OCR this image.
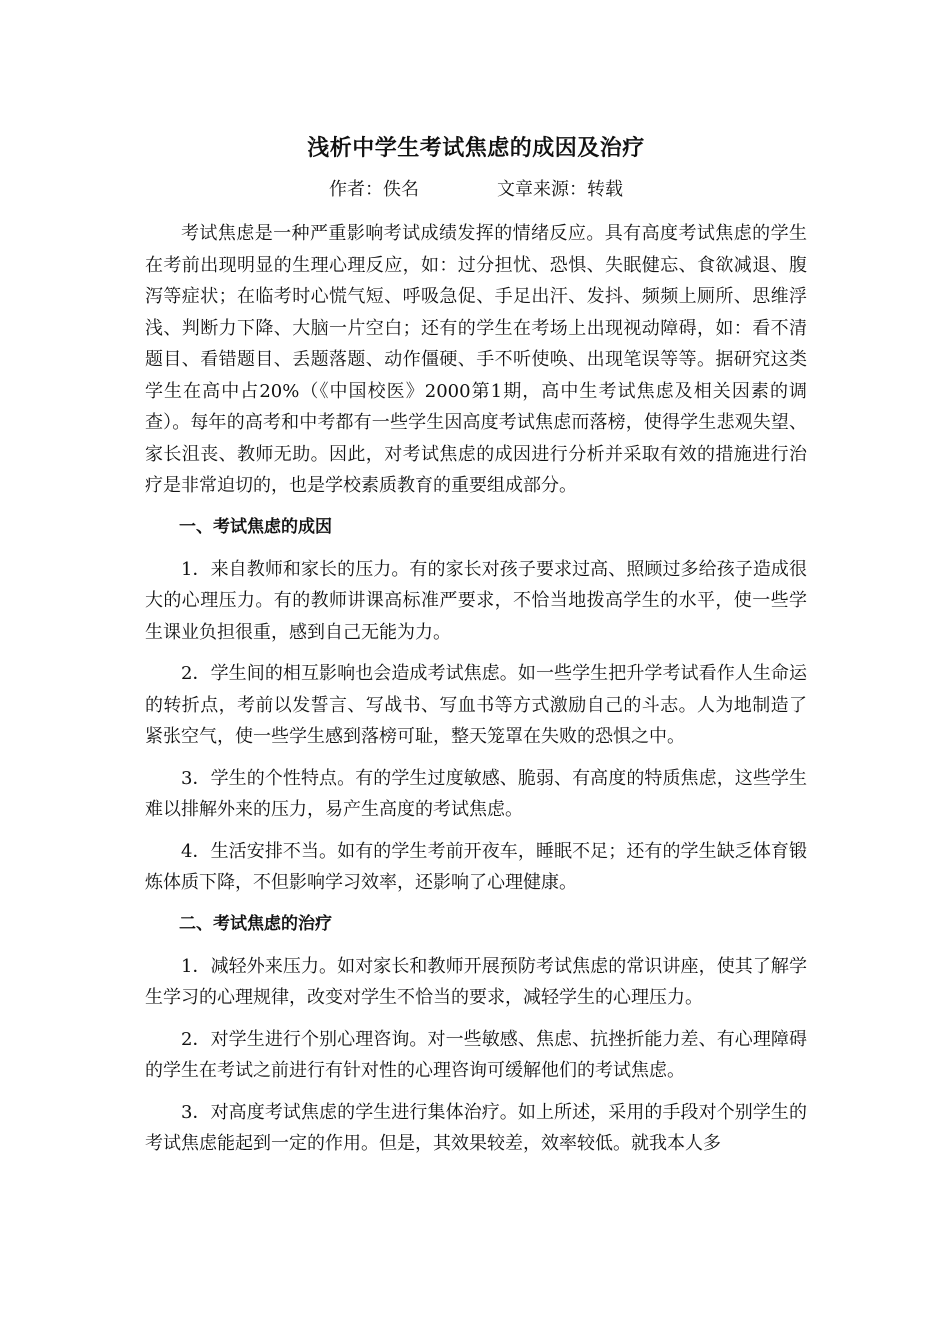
浅析中学生考试焦虑的成因及治疗
作者：佚名	文章来源：转载

考试焦虑是一种严重影响考试成绩发挥的情绪反应。具有高度考试焦虑的学生在考前出现明显的生理心理反应，如：过分担忧、恐惧、失眠健忘、食欲减退、腹泻等症状；在临考时心慌气短、呼吸急促、手足出汗、发抖、频频上厕所、思维浮浅、判断力下降、大脑一片空白；还有的学生在考场上出现视动障碍，如：看不清题目、看错题目、丢题落题、动作僵硬、手不听使唤、出现笔误等等。据研究这类学生在高中占20%（《中国校医》2000第1期，高中生考试焦虑及相关因素的调查）。每年的高考和中考都有一些学生因高度考试焦虑而落榜，使得学生悲观失望、家长沮丧、教师无助。因此，对考试焦虑的成因进行分析并采取有效的措施进行治疗是非常迫切的，也是学校素质教育的重要组成部分。

一、考试焦虑的成因

1．来自教师和家长的压力。有的家长对孩子要求过高、照顾过多给孩子造成很大的心理压力。有的教师讲课高标准严要求，不恰当地拨高学生的水平，使一些学生课业负担很重，感到自己无能为力。

2．学生间的相互影响也会造成考试焦虑。如一些学生把升学考试看作人生命运的转折点，考前以发誓言、写战书、写血书等方式激励自己的斗志。人为地制造了紧张空气，使一些学生感到落榜可耻，整天笼罩在失败的恐惧之中。

3．学生的个性特点。有的学生过度敏感、脆弱、有高度的特质焦虑，这些学生难以排解外来的压力，易产生高度的考试焦虑。

4．生活安排不当。如有的学生考前开夜车，睡眠不足；还有的学生缺乏体育锻炼体质下降，不但影响学习效率，还影响了心理健康。

二、考试焦虑的治疗

1．减轻外来压力。如对家长和教师开展预防考试焦虑的常识讲座，使其了解学生学习的心理规律，改变对学生不恰当的要求，减轻学生的心理压力。

2．对学生进行个别心理咨询。对一些敏感、焦虑、抗挫折能力差、有心理障碍的学生在考试之前进行有针对性的心理咨询可缓解他们的考试焦虑。

3．对高度考试焦虑的学生进行集体治疗。如上所述，采用的手段对个别学生的考试焦虑能起到一定的作用。但是，其效果较差，效率较低。就我本人多
